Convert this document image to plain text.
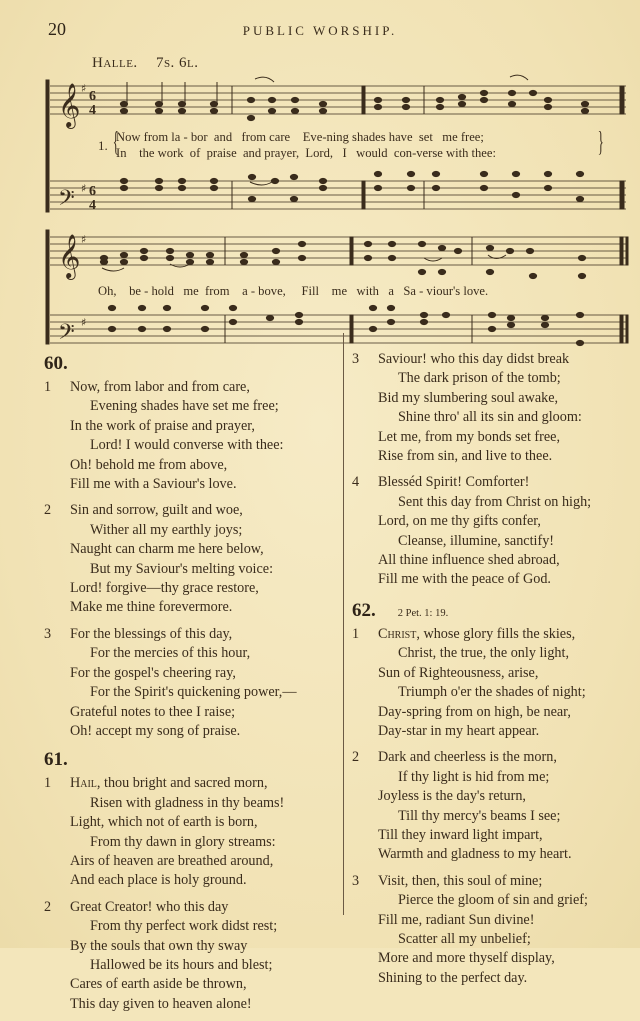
20	PUBLIC WORSHIP.
Halle. 7s. 6l.
𝄞
𝄢
𝄞
𝄢
♯
♯
♯
♯
6
4
6
4
1. {
Now from la - bor  and   from care    Eve-ning shades have  set   me free;
In    the work  of  praise  and prayer,  Lord,   I   would  con-verse with thee:	}
Oh,    be - hold   me  from    a - bove,     Fill    me   with   a   Sa - viour's love.
60.
1 Now, from labor and from care,
Evening shades have set me free;
In the work of praise and prayer,
Lord! I would converse with thee:
Oh! behold me from above,
Fill me with a Saviour's love.
2 Sin and sorrow, guilt and woe,
Wither all my earthly joys;
Naught can charm me here below,
But my Saviour's melting voice:
Lord! forgive—thy grace restore,
Make me thine forevermore.
3 For the blessings of this day,
For the mercies of this hour,
For the gospel's cheering ray,
For the Spirit's quickening power,—
Grateful notes to thee I raise;
Oh! accept my song of praise.
61.
1 Hail, thou bright and sacred morn,
Risen with gladness in thy beams!
Light, which not of earth is born,
From thy dawn in glory streams:
Airs of heaven are breathed around,
And each place is holy ground.
2 Great Creator! who this day
From thy perfect work didst rest;
By the souls that own thy sway
Hallowed be its hours and blest;
Cares of earth aside be thrown,
This day given to heaven alone!
3 Saviour! who this day didst break
The dark prison of the tomb;
Bid my slumbering soul awake,
Shine thro' all its sin and gloom:
Let me, from my bonds set free,
Rise from sin, and live to thee.
4 Blesséd Spirit! Comforter!
Sent this day from Christ on high;
Lord, on me thy gifts confer,
Cleanse, illumine, sanctify!
All thine influence shed abroad,
Fill me with the peace of God.
62. 2 Pet. 1: 19.
1 Christ, whose glory fills the skies,
Christ, the true, the only light,
Sun of Righteousness, arise,
Triumph o'er the shades of night;
Day-spring from on high, be near,
Day-star in my heart appear.
2 Dark and cheerless is the morn,
If thy light is hid from me;
Joyless is the day's return,
Till thy mercy's beams I see;
Till they inward light impart,
Warmth and gladness to my heart.
3 Visit, then, this soul of mine;
Pierce the gloom of sin and grief;
Fill me, radiant Sun divine!
Scatter all my unbelief;
More and more thyself display,
Shining to the perfect day.
